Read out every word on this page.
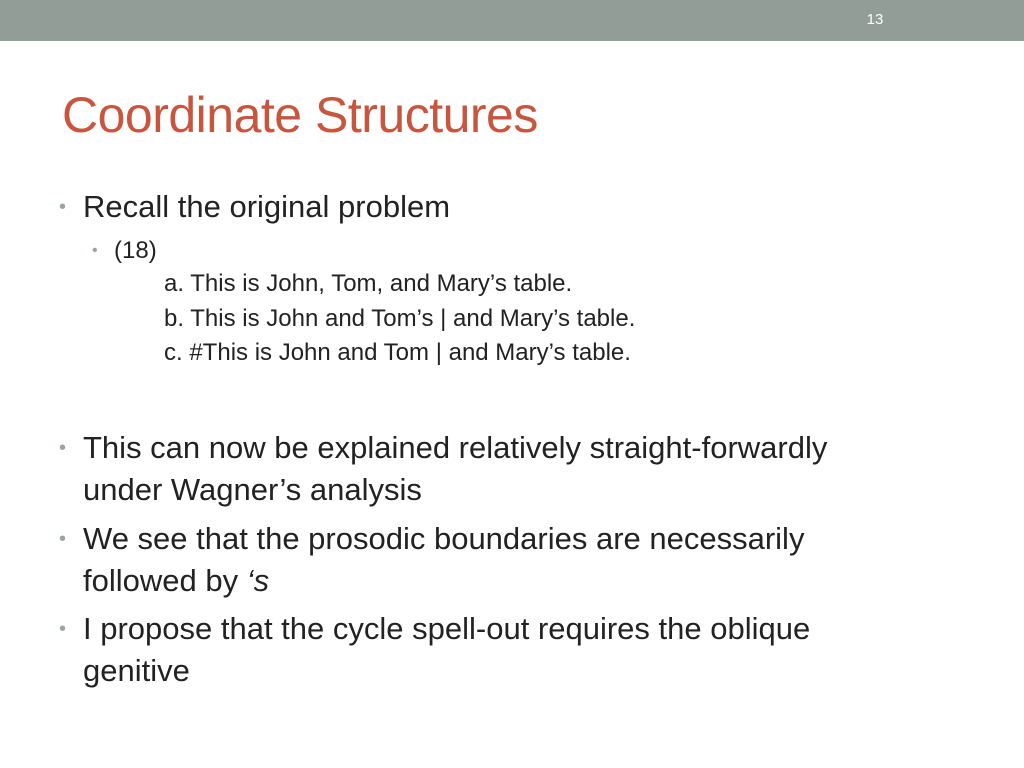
13
Coordinate Structures
• Recall the original problem
• (18)
a. This is John, Tom, and Mary’s table.
b. This is John and Tom’s | and Mary’s table.
c. #This is John and Tom | and Mary’s table.
• This can now be explained relatively straight-forwardly
under Wagner’s analysis
• We see that the prosodic boundaries are necessarily
followed by ‘s
• I propose that the cycle spell-out requires the oblique
genitive
